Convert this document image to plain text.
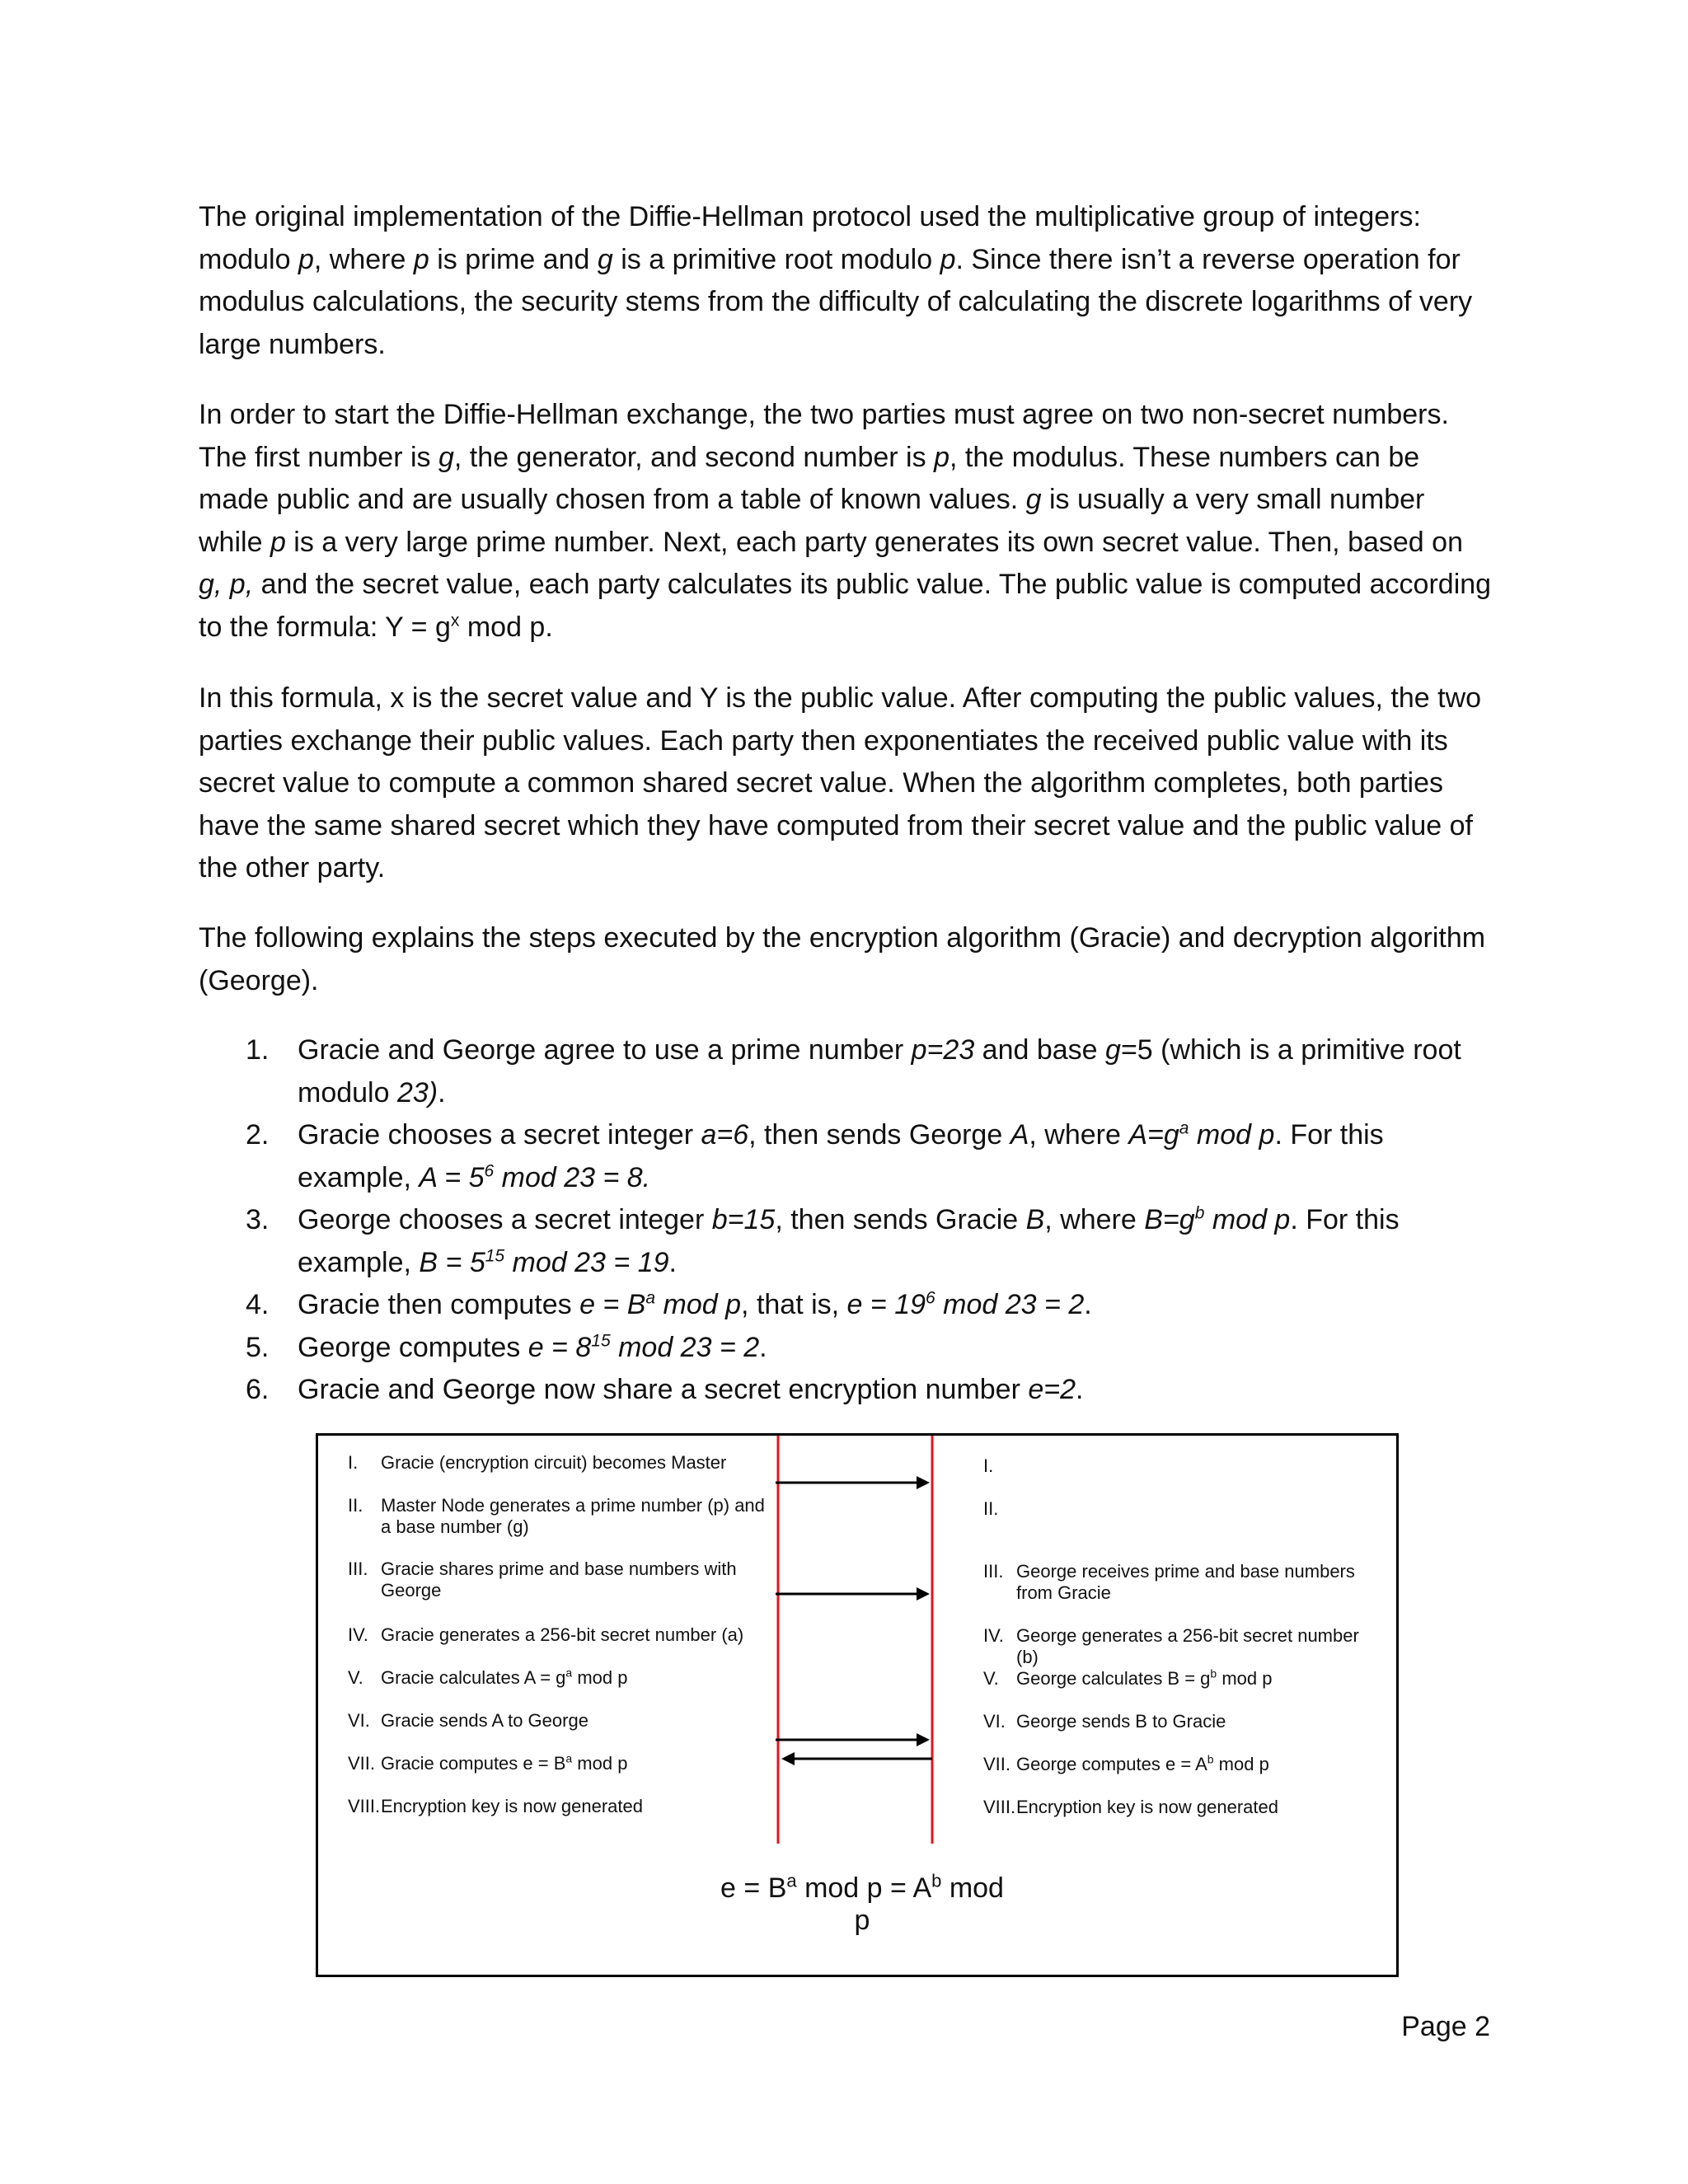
The original implementation of the Diffie-Hellman protocol used the multiplicative group of integers: modulo p, where p is prime and g is a primitive root modulo p. Since there isn’t a reverse operation for modulus calculations, the security stems from the difficulty of calculating the discrete logarithms of very large numbers.

In order to start the Diffie-Hellman exchange, the two parties must agree on two non-secret numbers. The first number is g, the generator, and second number is p, the modulus. These numbers can be made public and are usually chosen from a table of known values. g is usually a very small number while p is a very large prime number. Next, each party generates its own secret value. Then, based on g, p, and the secret value, each party calculates its public value. The public value is computed according to the formula: $Y = g^x$ mod p.

In this formula, x is the secret value and Y is the public value. After computing the public values, the two parties exchange their public values. Each party then exponentiates the received public value with its secret value to compute a common shared secret value. When the algorithm completes, both parties have the same shared secret which they have computed from their secret value and the public value of the other party.

The following explains the steps executed by the encryption algorithm (Gracie) and decryption algorithm (George).

1. Gracie and George agree to use a prime number p=23 and base g=5 (which is a primitive root modulo 23).
2. Gracie chooses a secret integer a=6, then sends George A, where $A=g^a$ mod p. For this example, $A = 5^6$ mod 23 = 8.
3. George chooses a secret integer b=15, then sends Gracie B, where $B=g^b$ mod p. For this example, $B = 5^{15}$ mod 23 = 19.
4. Gracie then computes $e = B^a$ mod p, that is, $e = 19^6$ mod 23 = 2.
5. George computes $e = 8^{15}$ mod 23 = 2.
6. Gracie and George now share a secret encryption number e=2.
I. Gracie (encryption circuit) becomes Master
II. Master Node generates a prime number (p) and a base number (g)
III. Gracie shares prime and base numbers with George
IV. Gracie generates a 256-bit secret number (a)
V. Gracie calculates $A = g^a$ mod p
VI. Gracie sends A to George
VII. Gracie computes $e = B^a$ mod p
VIII. Encryption key is now generated
I.
II.
III. George receives prime and base numbers from Gracie
IV. George generates a 256-bit secret number (b)
V. George calculates $B = g^b$ mod p
VI. George sends B to Gracie
VII. George computes $e = A^b$ mod p
VIII. Encryption key is now generated
$e = B^a$ mod $p = A^b$ mod p
Page 2
